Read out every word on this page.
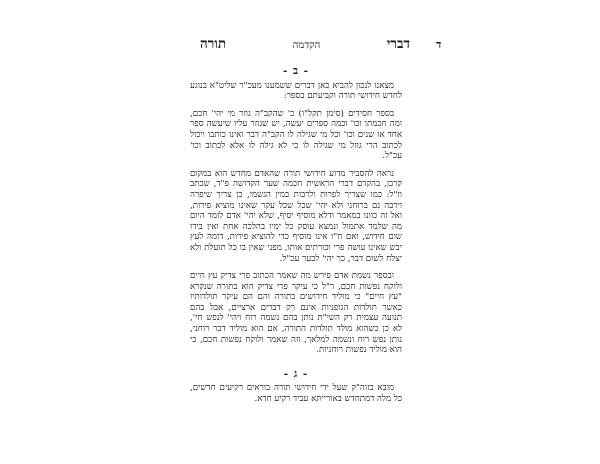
דברי
הקדמה
תורה	ד
- ב -

מצאנו לנכון להביא כאן דברים ששמענו מעכ"ר שליט"א בנוגע לחדש חידושי תורה וקביעתם בספר:

בספר חסידים (סימן תקל"ו) כ' שהקב"ה גוזר מי יהי' חכם, ומה חכמתו וכו' וכמה ספרים יעשה, יש שגוזר עליו שיעשה ספר אחד או שנים וכו' וכל מי שגילה לו הקב"ה דבר ואינו כותבו ויכול לכתוב הרי גוזל מי שגילה לו כי לא גילה לו אלא לכתוב וכו' עכ"ל.

נראה להסביר מדוע חידושי תורה שהאדם מחדש הוא במקום קרבן, בהקדם דברי הראשית חכמה שער הקדושה פ"ד, שכתב וז"ל: כמו שצריך לפרות ולרבות במין הגשמי, כן צריך שיפרה וירבה גם ברוחני ולא יהי' שכל שכל עקר שאינו מוציא פירות, ואל זה כוונו במאמר ודלא מוסיף יסיף, שלא יהי' אדם לומד היום מה שלמד אתמול ונמצא עוסק כל ימיו בהלכה אחת ואין בידו שום חידוש, ואם ח"ו אינו מוסיף כדי להוציא פירות, דומה לעץ יבש שאינו עושה פרי וכורתים אותו, מפני שאין בו כל תועלת ולא יצלח לשום דבר, כך יהי' לבער עכ"ל.

ובספר נשמת אדם פירש מה שאמר הכתוב פרי צדיק עץ חיים ולוקח נפשות חכם, ר"ל כי עיקר פרי צדיק הוא בתורה שנקרא "עץ חיים" כי מוליד חידושים בתורה והם הם עיקר תולדותיו כאשר תולדות הגופניות אינם רק דברים ארציים, אבל בהם תנועה עצמית רק השי"ת נותן בהם נשמה רוח ויהי' לנפש חי', לא כן כשהוא מולד תולדות התורה, אם הוא מוליד דבר רוחני, נותן נפש רוח ונשמה למלאך, וזה שאמר ולוקח נפשות חכם, כי הוא מוליד נפשות רוחניות.

- ג -

מובא בזוה"ק שעל ידי חידושי תורה בוראים רקיעים חדשים, כל מלה דמתחדש באורייתא עביד רקיע חדא.
